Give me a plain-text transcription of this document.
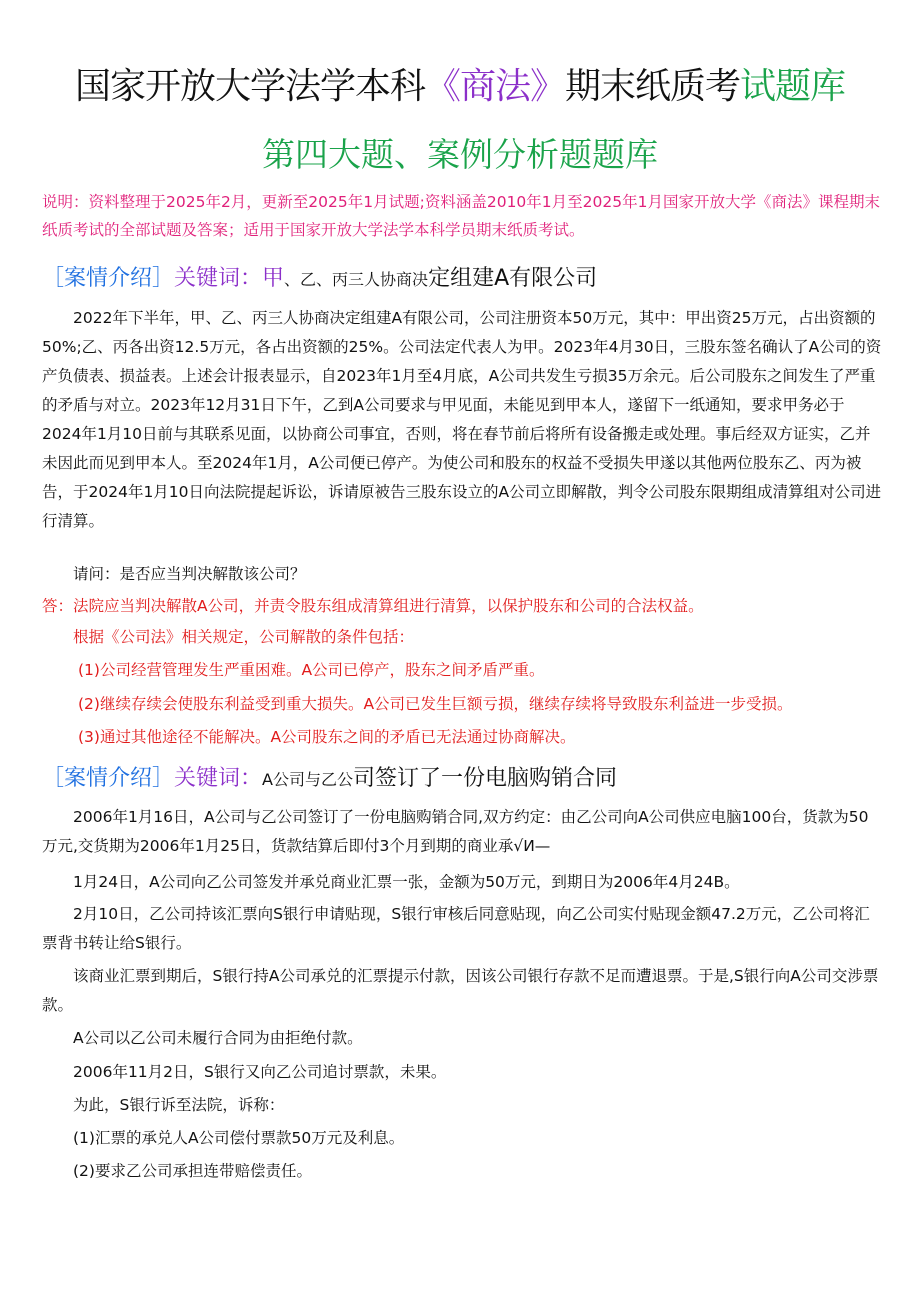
国家开放大学法学本科《商法》期末纸质考试题库
第四大题、案例分析题题库
说明：资料整理于2025年2月，更新至2025年1月试题;资料涵盖2010年1月至2025年1月国家开放大学《商法》课程期末纸质考试的全部试题及答案；适用于国家开放大学法学本科学员期末纸质考试。
［案情介绍］关键词：甲、乙、丙三人协商决定组建A有限公司
2022年下半年，甲、乙、丙三人协商决定组建A有限公司，公司注册资本50万元，其中：甲出资25万元，占出资额的50%;乙、丙各出资12.5万元，各占出资额的25%。公司法定代表人为甲。2023年4月30日，三股东签名确认了A公司的资产负债表、损益表。上述会计报表显示，自2023年1月至4月底，A公司共发生亏损35万余元。后公司股东之间发生了严重的矛盾与对立。2023年12月31日下午，乙到A公司要求与甲见面，未能见到甲本人，遂留下一纸通知，要求甲务必于2024年1月10日前与其联系见面，以协商公司事宜，否则，将在春节前后将所有设备搬走或处理。事后经双方证实，乙并未因此而见到甲本人。至2024年1月，A公司便已停产。为使公司和股东的权益不受损失甲遂以其他两位股东乙、丙为被告，于2024年1月10日向法院提起诉讼，诉请原被告三股东设立的A公司立即解散，判令公司股东限期组成清算组对公司进行清算。
请问：是否应当判决解散该公司？
答：法院应当判决解散A公司，并责令股东组成清算组进行清算，以保护股东和公司的合法权益。
根据《公司法》相关规定，公司解散的条件包括：
(1)公司经营管理发生严重困难。A公司已停产，股东之间矛盾严重。
(2)继续存续会使股东利益受到重大损失。A公司已发生巨额亏损，继续存续将导致股东利益进一步受损。
(3)通过其他途径不能解决。A公司股东之间的矛盾已无法通过协商解决。
［案情介绍］关键词：A公司与乙公司签订了一份电脑购销合同
2006年1月16日，A公司与乙公司签订了一份电脑购销合同,双方约定：由乙公司向A公司供应电脑100台，货款为50万元,交货期为2006年1月25日，货款结算后即付3个月到期的商业承√И—
1月24日，A公司向乙公司签发并承兑商业汇票一张，金额为50万元，到期日为2006年4月24B。
2月10日，乙公司持该汇票向S银行申请贴现，S银行审核后同意贴现，向乙公司实付贴现金额47.2万元，乙公司将汇票背书转让给S银行。
该商业汇票到期后，S银行持A公司承兑的汇票提示付款，因该公司银行存款不足而遭退票。于是,S银行向A公司交涉票款。
A公司以乙公司未履行合同为由拒绝付款。
2006年11月2日，S银行又向乙公司追讨票款，未果。
为此，S银行诉至法院，诉称：
(1)汇票的承兑人A公司偿付票款50万元及利息。
(2)要求乙公司承担连带赔偿责任。
